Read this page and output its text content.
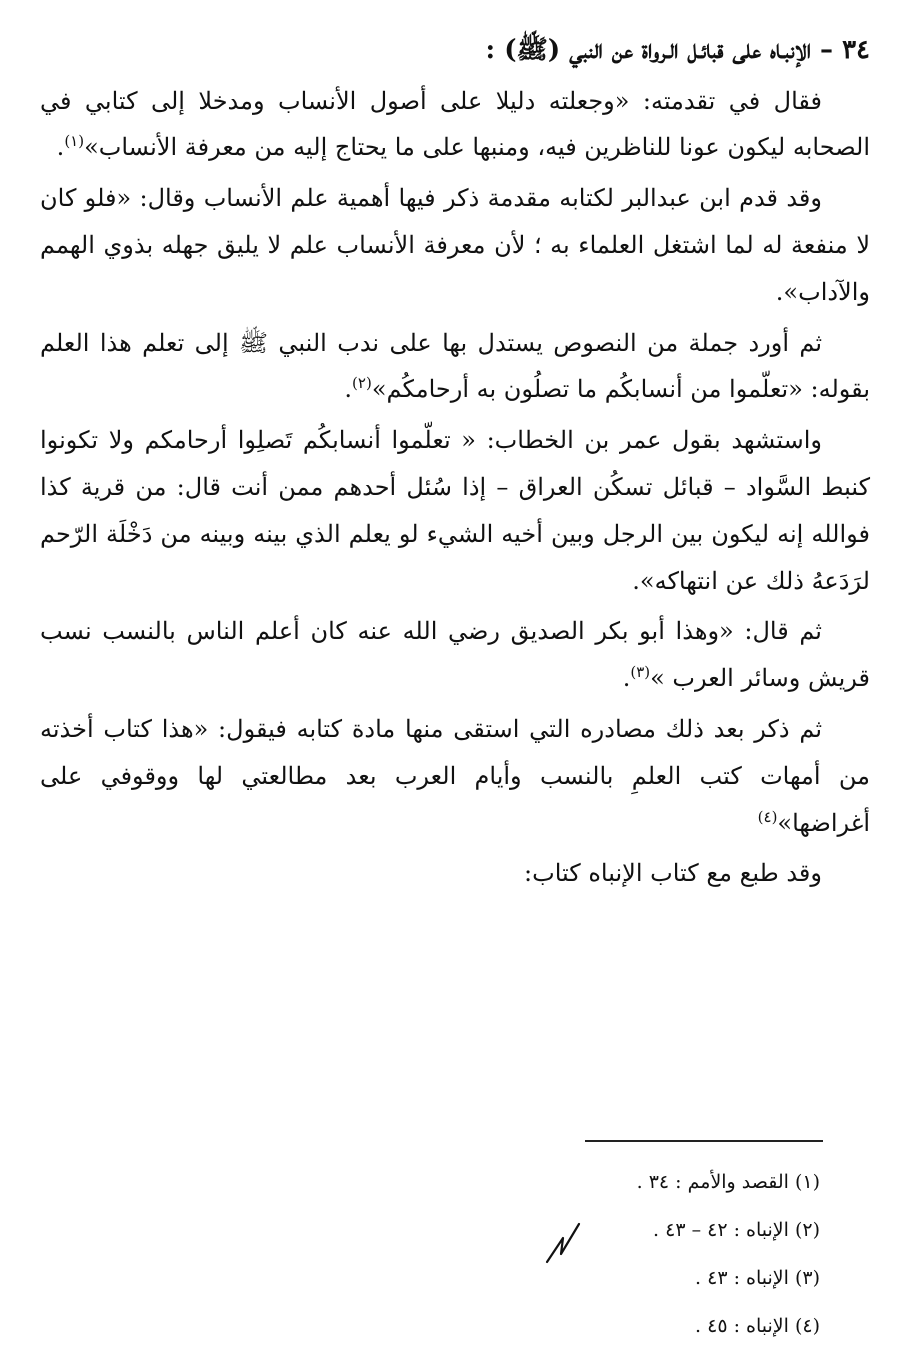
٣٤ – الإنبـاه على قبائـل الـرواة عن النبي (ﷺ) :

فقال في تقدمته: «وجعلته دليلا على أصول الأنساب ومدخلا إلى كتابي في الصحابه ليكون عونا للناظرين فيه، ومنبها على ما يحتاج إليه من معرفة الأنساب»$^{(١)}$.

وقد قدم ابن عبدالبر لكتابه مقدمة ذكر فيها أهمية علم الأنساب وقال: «فلو كان لا منفعة له لما اشتغل العلماء به ؛ لأن معرفة الأنساب علم لا يليق جهله بذوي الهمم والآداب».

ثم أورد جملة من النصوص يستدل بها على ندب النبي ﷺ إلى تعلم هذا العلم بقوله: «تعلّموا من أنسابكُم ما تصلُون به أرحامكُم»$^{(٢)}$.

واستشهد بقول عمر بن الخطاب: « تعلّموا أنسابكُم تَصلِوا أرحامكم ولا تكونوا كنبط السَّواد – قبائل تسكُن العراق – إذا سُئل أحدهم ممن أنت قال: من قرية كذا فوالله إنه ليكون بين الرجل وبين أخيه الشيء لو يعلم الذي بينه وبينه من دَخْلَة الرّحم لرَدَعهُ ذلك عن انتهاكه».

ثم قال: «وهذا أبو بكر الصديق رضي الله عنه كان أعلم الناس بالنسب نسب قريش وسائر العرب »$^{(٣)}$.

ثم ذكر بعد ذلك مصادره التي استقى منها مادة كتابه فيقول: «هذا كتاب أخذته من أمهات كتب العلمِ بالنسب وأيام العرب بعد مطالعتي لها ووقوفي على أغراضها»$^{(٤)}$

وقد طبع مع كتاب الإنباه كتاب:

(١) القصد والأمم : ٣٤ .
(٢) الإنباه : ٤٢ – ٤٣ .
(٣) الإنباه : ٤٣ .
(٤) الإنباه : ٤٥ .
